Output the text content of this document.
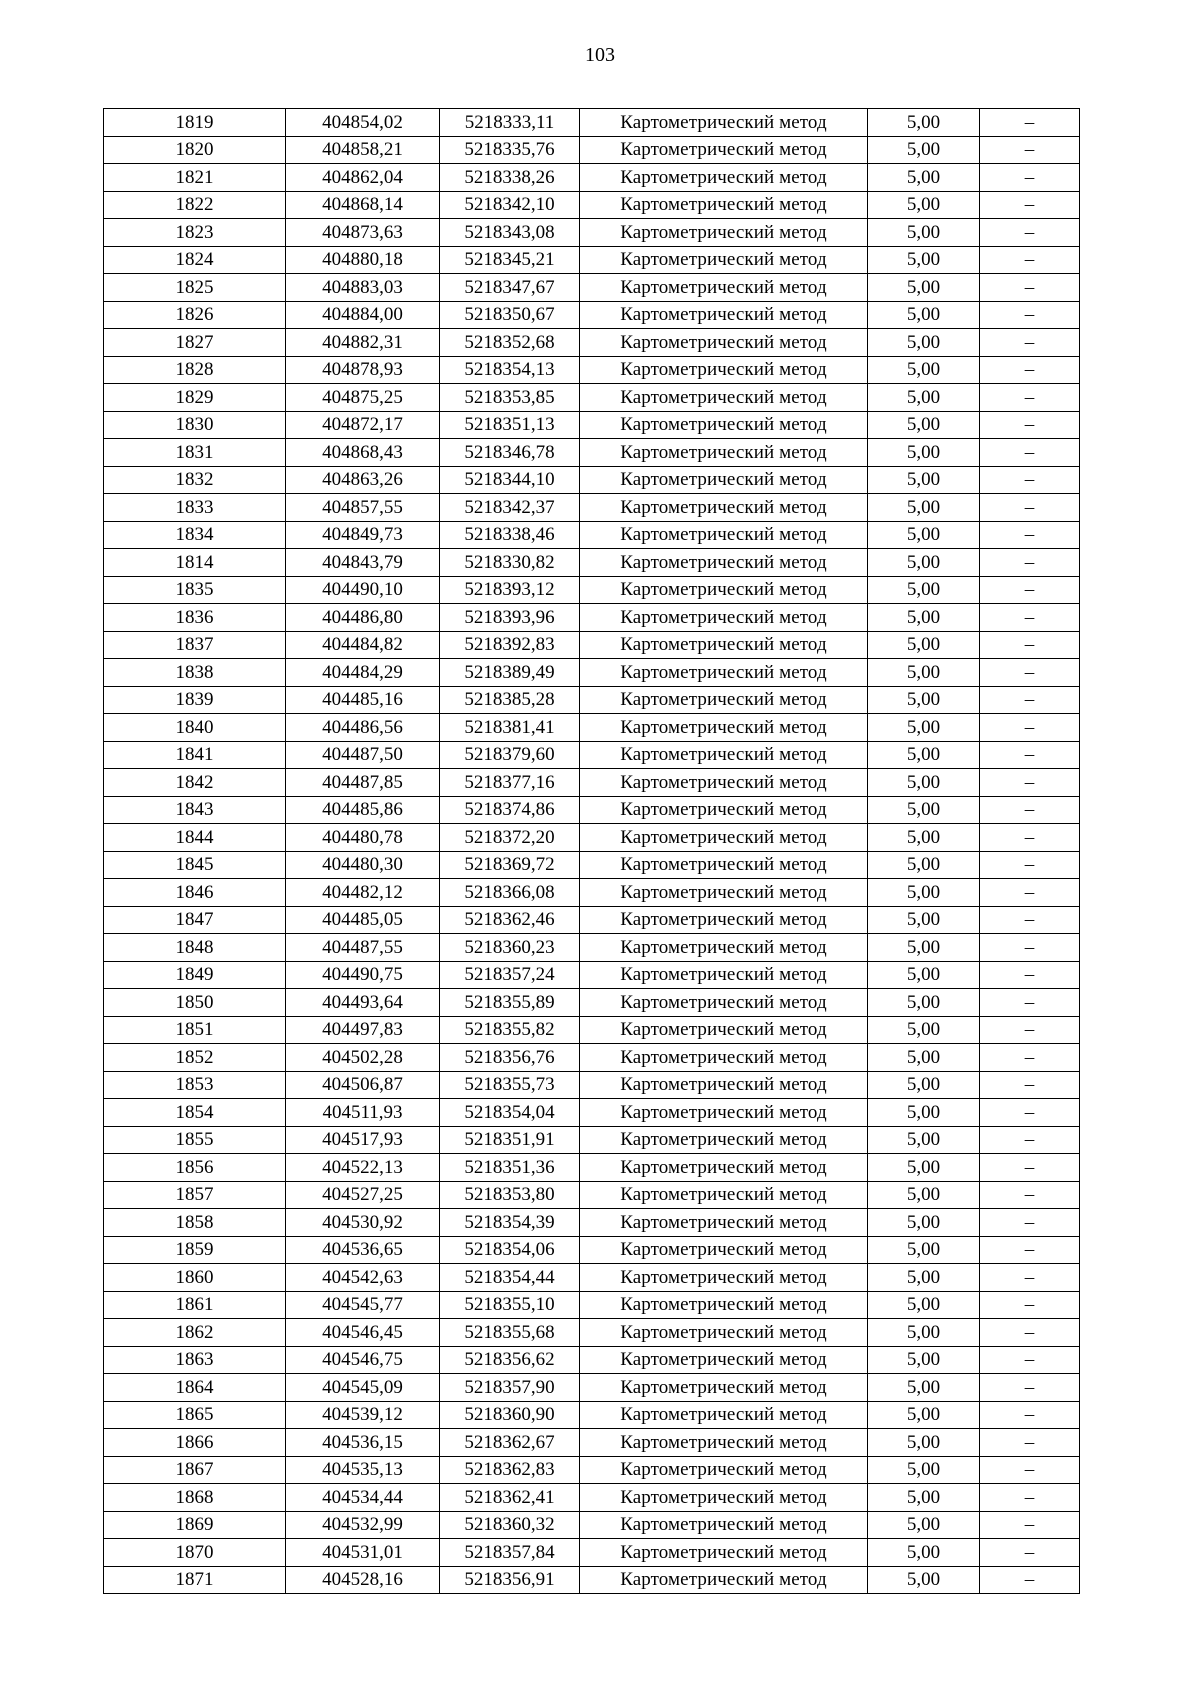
103
1819	404854,02	5218333,11	Картометрический метод	5,00	–
1820	404858,21	5218335,76	Картометрический метод	5,00	–
1821	404862,04	5218338,26	Картометрический метод	5,00	–
1822	404868,14	5218342,10	Картометрический метод	5,00	–
1823	404873,63	5218343,08	Картометрический метод	5,00	–
1824	404880,18	5218345,21	Картометрический метод	5,00	–
1825	404883,03	5218347,67	Картометрический метод	5,00	–
1826	404884,00	5218350,67	Картометрический метод	5,00	–
1827	404882,31	5218352,68	Картометрический метод	5,00	–
1828	404878,93	5218354,13	Картометрический метод	5,00	–
1829	404875,25	5218353,85	Картометрический метод	5,00	–
1830	404872,17	5218351,13	Картометрический метод	5,00	–
1831	404868,43	5218346,78	Картометрический метод	5,00	–
1832	404863,26	5218344,10	Картометрический метод	5,00	–
1833	404857,55	5218342,37	Картометрический метод	5,00	–
1834	404849,73	5218338,46	Картометрический метод	5,00	–
1814	404843,79	5218330,82	Картометрический метод	5,00	–
1835	404490,10	5218393,12	Картометрический метод	5,00	–
1836	404486,80	5218393,96	Картометрический метод	5,00	–
1837	404484,82	5218392,83	Картометрический метод	5,00	–
1838	404484,29	5218389,49	Картометрический метод	5,00	–
1839	404485,16	5218385,28	Картометрический метод	5,00	–
1840	404486,56	5218381,41	Картометрический метод	5,00	–
1841	404487,50	5218379,60	Картометрический метод	5,00	–
1842	404487,85	5218377,16	Картометрический метод	5,00	–
1843	404485,86	5218374,86	Картометрический метод	5,00	–
1844	404480,78	5218372,20	Картометрический метод	5,00	–
1845	404480,30	5218369,72	Картометрический метод	5,00	–
1846	404482,12	5218366,08	Картометрический метод	5,00	–
1847	404485,05	5218362,46	Картометрический метод	5,00	–
1848	404487,55	5218360,23	Картометрический метод	5,00	–
1849	404490,75	5218357,24	Картометрический метод	5,00	–
1850	404493,64	5218355,89	Картометрический метод	5,00	–
1851	404497,83	5218355,82	Картометрический метод	5,00	–
1852	404502,28	5218356,76	Картометрический метод	5,00	–
1853	404506,87	5218355,73	Картометрический метод	5,00	–
1854	404511,93	5218354,04	Картометрический метод	5,00	–
1855	404517,93	5218351,91	Картометрический метод	5,00	–
1856	404522,13	5218351,36	Картометрический метод	5,00	–
1857	404527,25	5218353,80	Картометрический метод	5,00	–
1858	404530,92	5218354,39	Картометрический метод	5,00	–
1859	404536,65	5218354,06	Картометрический метод	5,00	–
1860	404542,63	5218354,44	Картометрический метод	5,00	–
1861	404545,77	5218355,10	Картометрический метод	5,00	–
1862	404546,45	5218355,68	Картометрический метод	5,00	–
1863	404546,75	5218356,62	Картометрический метод	5,00	–
1864	404545,09	5218357,90	Картометрический метод	5,00	–
1865	404539,12	5218360,90	Картометрический метод	5,00	–
1866	404536,15	5218362,67	Картометрический метод	5,00	–
1867	404535,13	5218362,83	Картометрический метод	5,00	–
1868	404534,44	5218362,41	Картометрический метод	5,00	–
1869	404532,99	5218360,32	Картометрический метод	5,00	–
1870	404531,01	5218357,84	Картометрический метод	5,00	–
1871	404528,16	5218356,91	Картометрический метод	5,00	–
